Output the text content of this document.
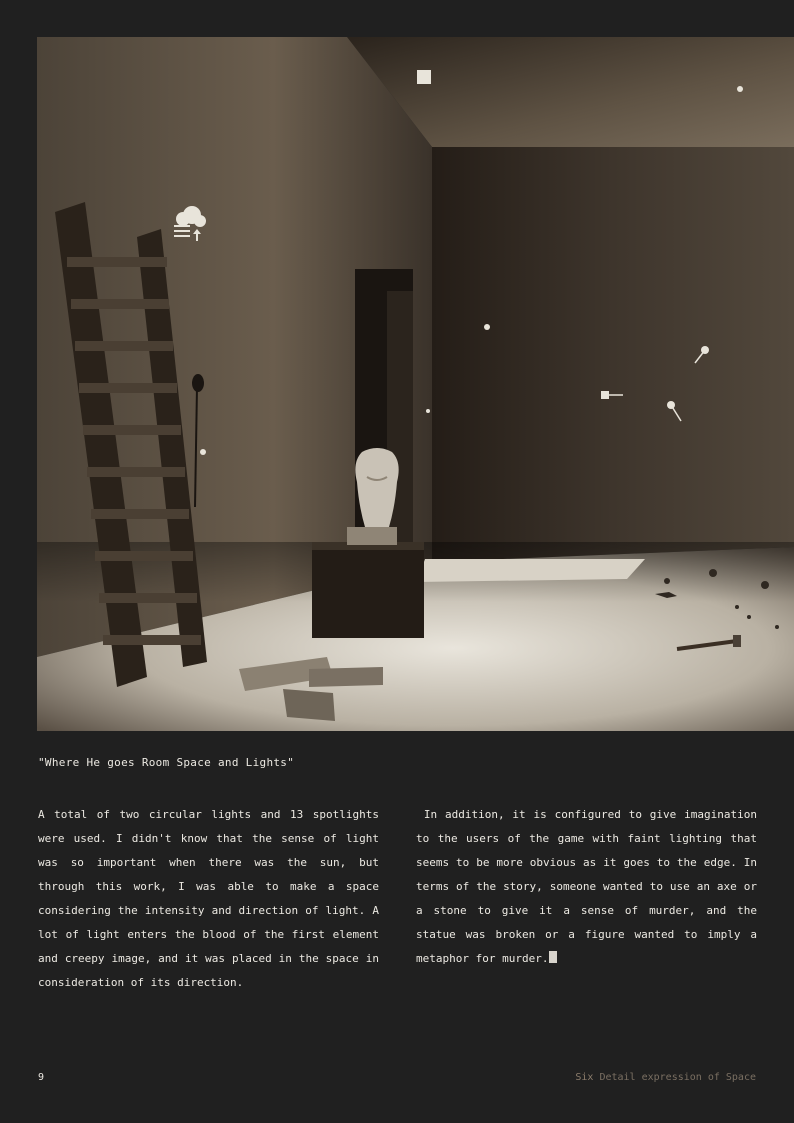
"Where He goes Room Space and Lights"
A total of two circular lights and 13 spotlights were used. I didn't know that the sense of light was so important when there was the sun, but through this work, I was able to make a space considering the intensity and direction of light. A lot of light enters the blood of the first element and creepy image, and it was placed in the space in consideration of its direction.
In addition, it is configured to give imagination to the users of the game with faint lighting that seems to be more obvious as it goes to the edge. In terms of the story, someone wanted to use an axe or a stone to give it a sense of murder, and the statue was broken or a figure wanted to imply a metaphor for murder.
9	Six Detail expression of Space
